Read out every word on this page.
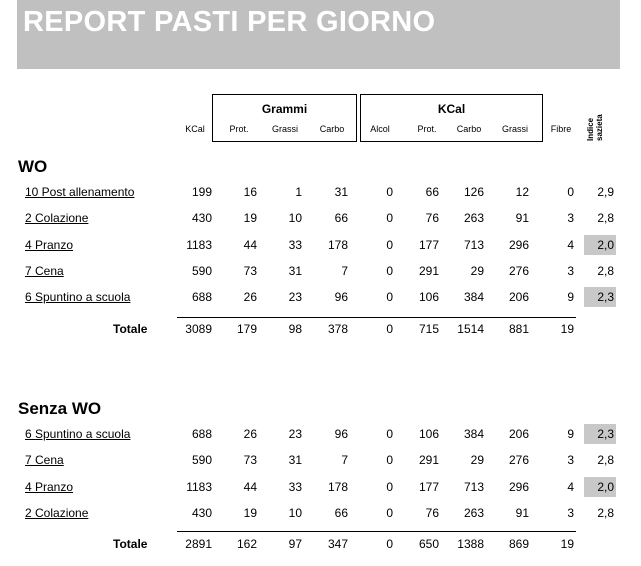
REPORT PASTI PER GIORNO
Grammi	KCal
KCal	Prot.	Grassi	Carbo	Alcol	Prot.	Carbo	Grassi	Fibre	Indice sazieta
WO
10 Post allenamento	199	16	1	31	0	66	126	12	0 2,9
2 Colazione	430	19	10	66	0	76	263	91	3 2,8
4 Pranzo	1183	44	33	178	0	177	713	296	4 2,0
7 Cena	590	73	31	7	0	291	29	276	3 2,8
6 Spuntino a scuola	688	26	23	96	0	106	384	206	9 2,3
Totale	3089	179	98	378	0	715	1514	881	19
Senza WO
6 Spuntino a scuola	688	26	23	96	0	106	384	206	9 2,3
7 Cena	590	73	31	7	0	291	29	276	3 2,8
4 Pranzo	1183	44	33	178	0	177	713	296	4 2,0
2 Colazione	430	19	10	66	0	76	263	91	3 2,8
Totale	2891	162	97	347	0	650	1388	869	19
